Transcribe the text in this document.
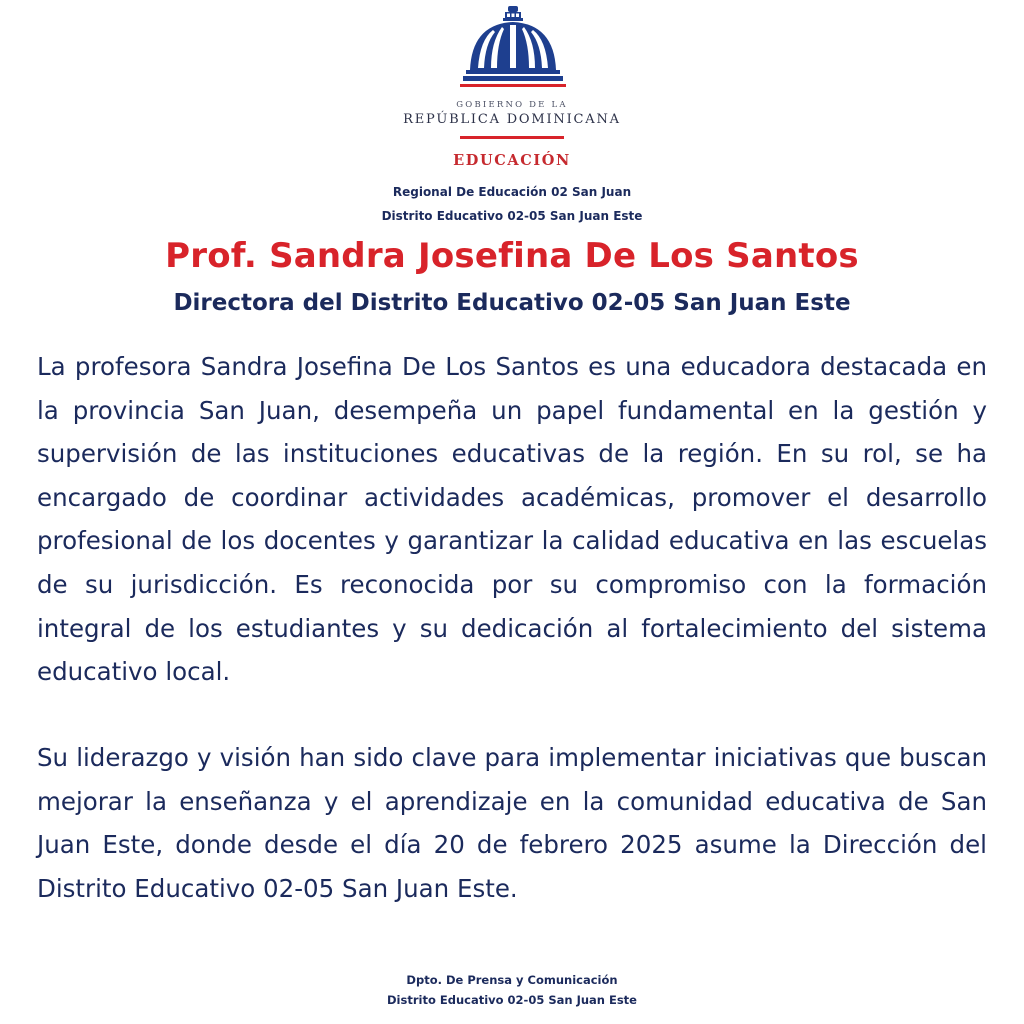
GOBIERNO DE LA
REPÚBLICA DOMINICANA
EDUCACIÓN
Regional De Educación 02 San Juan
Distrito Educativo 02-05 San Juan Este
Prof. Sandra Josefina De Los Santos
Directora del Distrito Educativo 02-05 San Juan Este

La profesora Sandra Josefina De Los Santos es una educadora destacada en la provincia San Juan, desempeña un papel fundamental en la gestión y supervisión de las instituciones educativas de la región. En su rol, se ha encargado de coordinar actividades académicas, promover el desarrollo profesional de los docentes y garantizar la calidad educativa en las escuelas de su jurisdicción. Es reconocida por su compromiso con la formación integral de los estudiantes y su dedicación al fortalecimiento del sistema educativo local.

Su liderazgo y visión han sido clave para implementar iniciativas que buscan mejorar la enseñanza y el aprendizaje en la comunidad educativa de San Juan Este, donde desde el día 20 de febrero 2025 asume la Dirección del Distrito Educativo 02-05 San Juan Este.

Dpto. De Prensa y Comunicación
Distrito Educativo 02-05 San Juan Este
